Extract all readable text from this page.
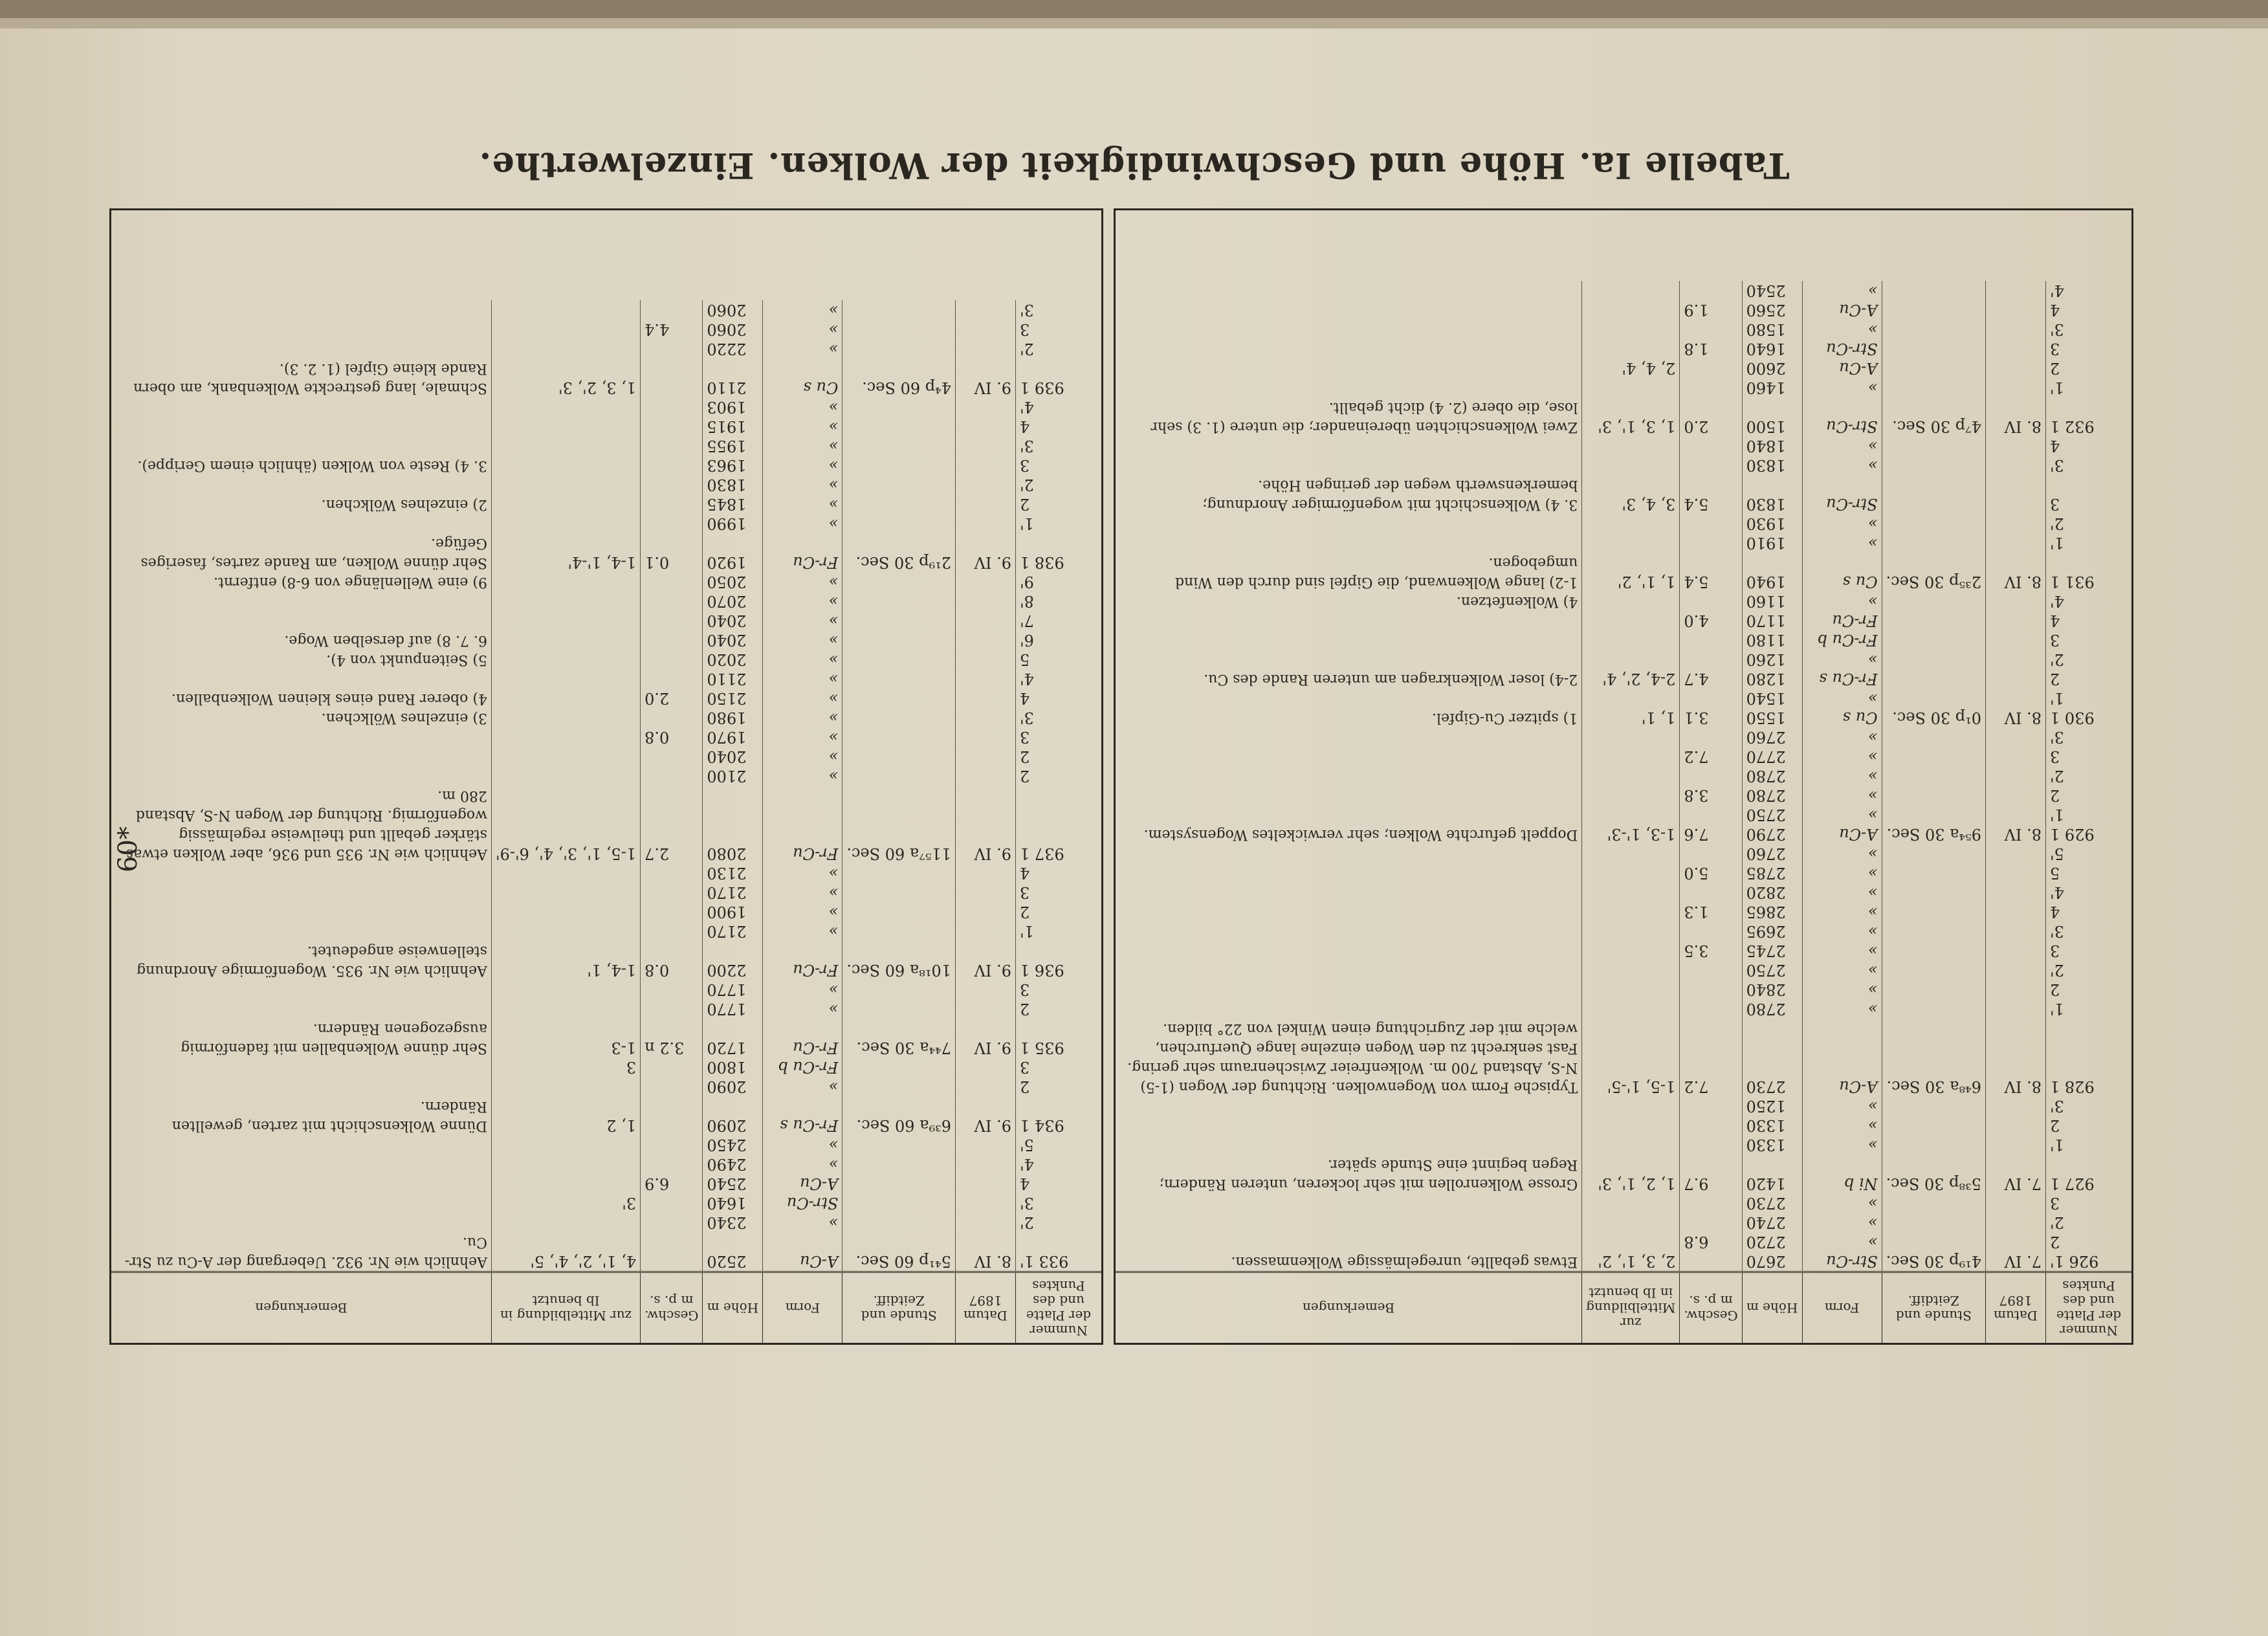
Tabelle Ia. Höhe und Geschwindigkeit der Wolken. Einzelwerthe.
60*
Nummer der Platte und des Punktes	Datum 1897	Stunde und Zeitdiff.	Form	Höhe m	Geschw. m p. s.	zur Mittelbildung in Ib benutzt	Bemerkungen
926 1'	7. IV	4¹⁹p 30 Sec.	Str-Cu	2670		2, 3, 1', 2'	Etwas geballte, unregelmässige Wolkenmassen.
2			»	2720	6.8		
2'			»	2740			
3			»	2730			
927 1	7. IV	5³⁸p 30 Sec.	Ni b	1420	9.7	1, 2, 1', 3'	Grosse Wolkenrollen mit sehr lockeren, unteren Rändern; Regen beginnt eine Stunde später.
1'			»	1330			
2			»	1330			
3'			»	1250			
928 1	8. IV	6⁴⁸a 30 Sec.	A-Cu	2730	7.2	1-5, 1'-5'	Typische Form von Wogenwolken. Richtung der Wogen (1-5) N-S, Abstand 700 m. Wolkenfreier Zwischenraum sehr gering. Fast senkrecht zu den Wogen einzelne lange Querfurchen, welche mit der Zugrichtung einen Winkel von 22° bilden.
1'			»	2780			
2			»	2840			
2'			»	2750			
3			»	2745	3.5		
3'			»	2695			
4			»	2865	1.3		
4'			»	2820			
5			»	2785	5.0		
5'			»	2760			
929 1	8. IV	9⁵⁴a 30 Sec.	A-Cu	2790	7.6	1-3, 1'-3'	Doppelt gefurchte Wolken; sehr verwickeltes Wogensystem.
1'			»	2750			
2			»	2780	3.8		
2'			»	2780			
3			»	2770	7.2		
3'			»	2760			
930 1	8. IV	0¹p 30 Sec.	Cu s	1550	3.1	1, 1'	1) spitzer Cu-Gipfel.
1'			»	1540			
2			Fr-Cu s	1280	4.7	2-4, 2', 4'	2-4) loser Wolkenkragen am unteren Rande des Cu.
2'			»	1260			
3			Fr-Cu b	1180			
4			Fr-Cu	1170	4.0		
4'			»	1160			4) Wolkenfetzen.
931 1	8. IV	2³⁵p 30 Sec.	Cu s	1940	5.4	1, 1', 2'	1-2) lange Wolkenwand, die Gipfel sind durch den Wind umgebogen.
1'			»	1910			
2'			»	1930			
3			Str-Cu	1830	5.4	3, 4, 3'	3. 4) Wolkenschicht mit wogenförmiger Anordnung; bemerkenswerth wegen der geringen Höhe.
3'			»	1830			
4			»	1840			
932 1	8. IV	4⁷p 30 Sec.	Str-Cu	1500	2.0	1, 3, 1', 3'	Zwei Wolkenschichten übereinander; die untere (1. 3) sehr lose, die obere (2. 4) dicht geballt.
1'			»	1460			
2			A-Cu	2600		2, 4, 4'	
3			Str-Cu	1640	1.8		
3'			»	1580			
4			A-Cu	2560	1.9		
4'			»	2540			
Nummer der Platte und des Punktes	Datum 1897	Stunde und Zeitdiff.	Form	Höhe m	Geschw. m p. s.	zur Mittelbildung in Ib benutzt	Bemerkungen
933 1'	8. IV	5⁴¹p 60 Sec.	A-Cu	2520		4, 1', 2', 4', 5'	Aehnlich wie Nr. 932. Uebergang der A-Cu zu Str-Cu.
2'			»	2340			
3'			Str-Cu	1640		3'	
4			A-Cu	2540	6.9		
4'			»	2490			
5'			»	2450			
934 1	9. IV	6³⁹a 60 Sec.	Fr-Cu s	2090		1, 2	Dünne Wolkenschicht mit zarten, gewellten Rändern.
2			»	2090			
3			Fr-Cu b	1800		3	
935 1	9. IV	7⁴⁴a 30 Sec.	Fr-Cu	1720	3.2 n	1-3	Sehr dünne Wolkenballen mit fadenförmig ausgezogenen Rändern.
2			»	1770			
3			»	1770			
936 1	9. IV	10¹⁸a 60 Sec.	Fr-Cu	2200	0.8	1-4, 1'	Aehnlich wie Nr. 935. Wogenförmige Anordnung stellenweise angedeutet.
1'			»	2170			
2			»	1900			
3			»	2170			
4			»	2130			
937 1	9. IV	11⁵⁷a 60 Sec.	Fr-Cu	2080	2.7	1-5, 1', 3', 4', 6'-9'	Aehnlich wie Nr. 935 und 936, aber Wolken etwas stärker geballt und theilweise regelmässig wogenförmig. Richtung der Wogen N-S, Abstand 280 m.
2			»	2100			
2			»	2040			
3			»	1970	0.8		
3'			»	1980			3) einzelnes Wölkchen.
4			»	2150	2.0		4) oberer Rand eines kleinen Wolkenballen.
4'			»	2110			
5			»	2020			5) Seitenpunkt von 4).
6'			»	2040			6. 7. 8) auf derselben Woge.
7'			»	2040			
8'			»	2070			
9'			»	2050			9) eine Wellenlänge von 6-8) entfernt.
938 1	9. IV	2¹⁹p 30 Sec.	Fr-Cu	1920	0.1	1-4, 1'-4'	Sehr dünne Wolken, am Rande zartes, faseriges Gefüge.
1'			»	1990			
2			»	1845			2) einzelnes Wölkchen.
2'			»	1830			
3			»	1963			3. 4) Reste von Wolken (ähnlich einem Gerippe).
3'			»	1955			
4			»	1915			
4'			»	1903			
939 1	9. IV	4⁴p 60 Sec.	Cu s	2110		1, 3, 2', 3'	Schmale, lang gestreckte Wolkenbank, am obern Rande kleine Gipfel (1. 2. 3).
2'			»	2220			
3			»	2060	4.4		
3'			»	2060			
